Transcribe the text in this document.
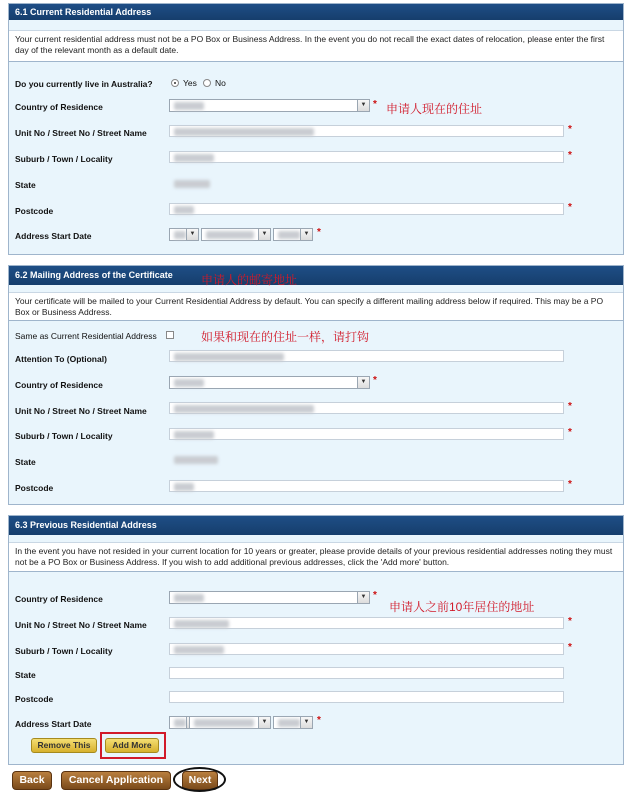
6.1 Current Residential Address
Your current residential address must not be a PO Box or Business Address. In the event you do not recall the exact dates of relocation, please enter the first day of the relevant month as a default date.
Do you currently live in Australia?	Yes No
Country of Residence	▼ * 申请人现在的住址
Unit No / Street No / Street Name	*
Suburb / Town / Locality	*
State
Postcode	*
Address Start Date	▼	▼	▼ *
6.2 Mailing Address of the Certificate	申请人的邮寄地址
Your certificate will be mailed to your Current Residential Address by default. You can specify a different mailing address below if required. This may be a PO Box or Business Address.
Same as Current Residential Address	如果和现在的住址一样，请打钩
Attention To (Optional)
Country of Residence	▼ *
Unit No / Street No / Street Name	*
Suburb / Town / Locality	*
State
Postcode	*
6.3 Previous Residential Address
In the event you have not resided in your current location for 10 years or greater, please provide details of your previous residential addresses noting they must not be a PO Box or Business Address. If you wish to add additional previous addresses, click the 'Add more' button.
Country of Residence	▼ *
申请人之前10年居住的地址
Unit No / Street No / Street Name	*
Suburb / Town / Locality	*
State
Postcode
Address Start Date	▼	▼ *
Remove This	Add More
Back	Cancel Application	Next
